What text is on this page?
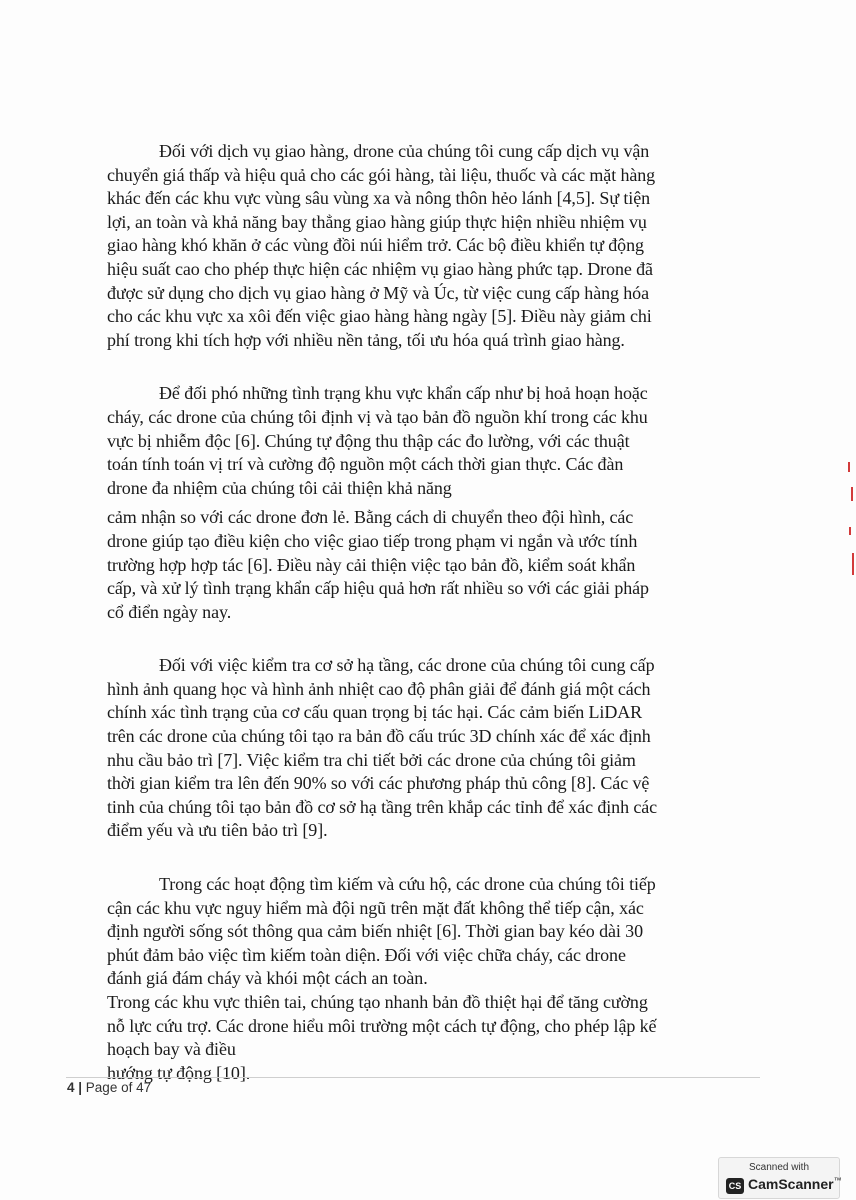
Đối với dịch vụ giao hàng, drone của chúng tôi cung cấp dịch vụ vận
chuyển giá thấp và hiệu quả cho các gói hàng, tài liệu, thuốc và các mặt hàng
khác đến các khu vực vùng sâu vùng xa và nông thôn hẻo lánh [4,5]. Sự tiện
lợi, an toàn và khả năng bay thẳng giao hàng giúp thực hiện nhiều nhiệm vụ
giao hàng khó khăn ở các vùng đồi núi hiểm trở. Các bộ điều khiển tự động
hiệu suất cao cho phép thực hiện các nhiệm vụ giao hàng phức tạp. Drone đã
được sử dụng cho dịch vụ giao hàng ở Mỹ và Úc, từ việc cung cấp hàng hóa
cho các khu vực xa xôi đến việc giao hàng hàng ngày [5]. Điều này giảm chi
phí trong khi tích hợp với nhiều nền tảng, tối ưu hóa quá trình giao hàng.
Để đối phó những tình trạng khu vực khẩn cấp như bị hoả hoạn hoặc
cháy, các drone của chúng tôi định vị và tạo bản đồ nguồn khí trong các khu
vực bị nhiễm độc [6]. Chúng tự động thu thập các đo lường, với các thuật
toán tính toán vị trí và cường độ nguồn một cách thời gian thực. Các đàn
drone đa nhiệm của chúng tôi cải thiện khả năng
cảm nhận so với các drone đơn lẻ. Bằng cách di chuyển theo đội hình, các
drone giúp tạo điều kiện cho việc giao tiếp trong phạm vi ngắn và ước tính
trường hợp hợp tác [6]. Điều này cải thiện việc tạo bản đồ, kiểm soát khẩn
cấp, và xử lý tình trạng khẩn cấp hiệu quả hơn rất nhiều so với các giải pháp
cổ điển ngày nay.
Đối với việc kiểm tra cơ sở hạ tầng, các drone của chúng tôi cung cấp
hình ảnh quang học và hình ảnh nhiệt cao độ phân giải để đánh giá một cách
chính xác tình trạng của cơ cấu quan trọng bị tác hại. Các cảm biến LiDAR
trên các drone của chúng tôi tạo ra bản đồ cấu trúc 3D chính xác để xác định
nhu cầu bảo trì [7]. Việc kiểm tra chi tiết bởi các drone của chúng tôi giảm
thời gian kiểm tra lên đến 90% so với các phương pháp thủ công [8]. Các vệ
tinh của chúng tôi tạo bản đồ cơ sở hạ tầng trên khắp các tỉnh để xác định các
điểm yếu và ưu tiên bảo trì [9].
Trong các hoạt động tìm kiếm và cứu hộ, các drone của chúng tôi tiếp
cận các khu vực nguy hiểm mà đội ngũ trên mặt đất không thể tiếp cận, xác
định người sống sót thông qua cảm biến nhiệt [6]. Thời gian bay kéo dài 30
phút đảm bảo việc tìm kiếm toàn diện. Đối với việc chữa cháy, các drone
đánh giá đám cháy và khói một cách an toàn.
Trong các khu vực thiên tai, chúng tạo nhanh bản đồ thiệt hại để tăng cường
nỗ lực cứu trợ. Các drone hiểu môi trường một cách tự động, cho phép lập kế
hoạch bay và điều
hướng tự động [10].
4 | Page of 47
Scanned with
CS CamScanner™
